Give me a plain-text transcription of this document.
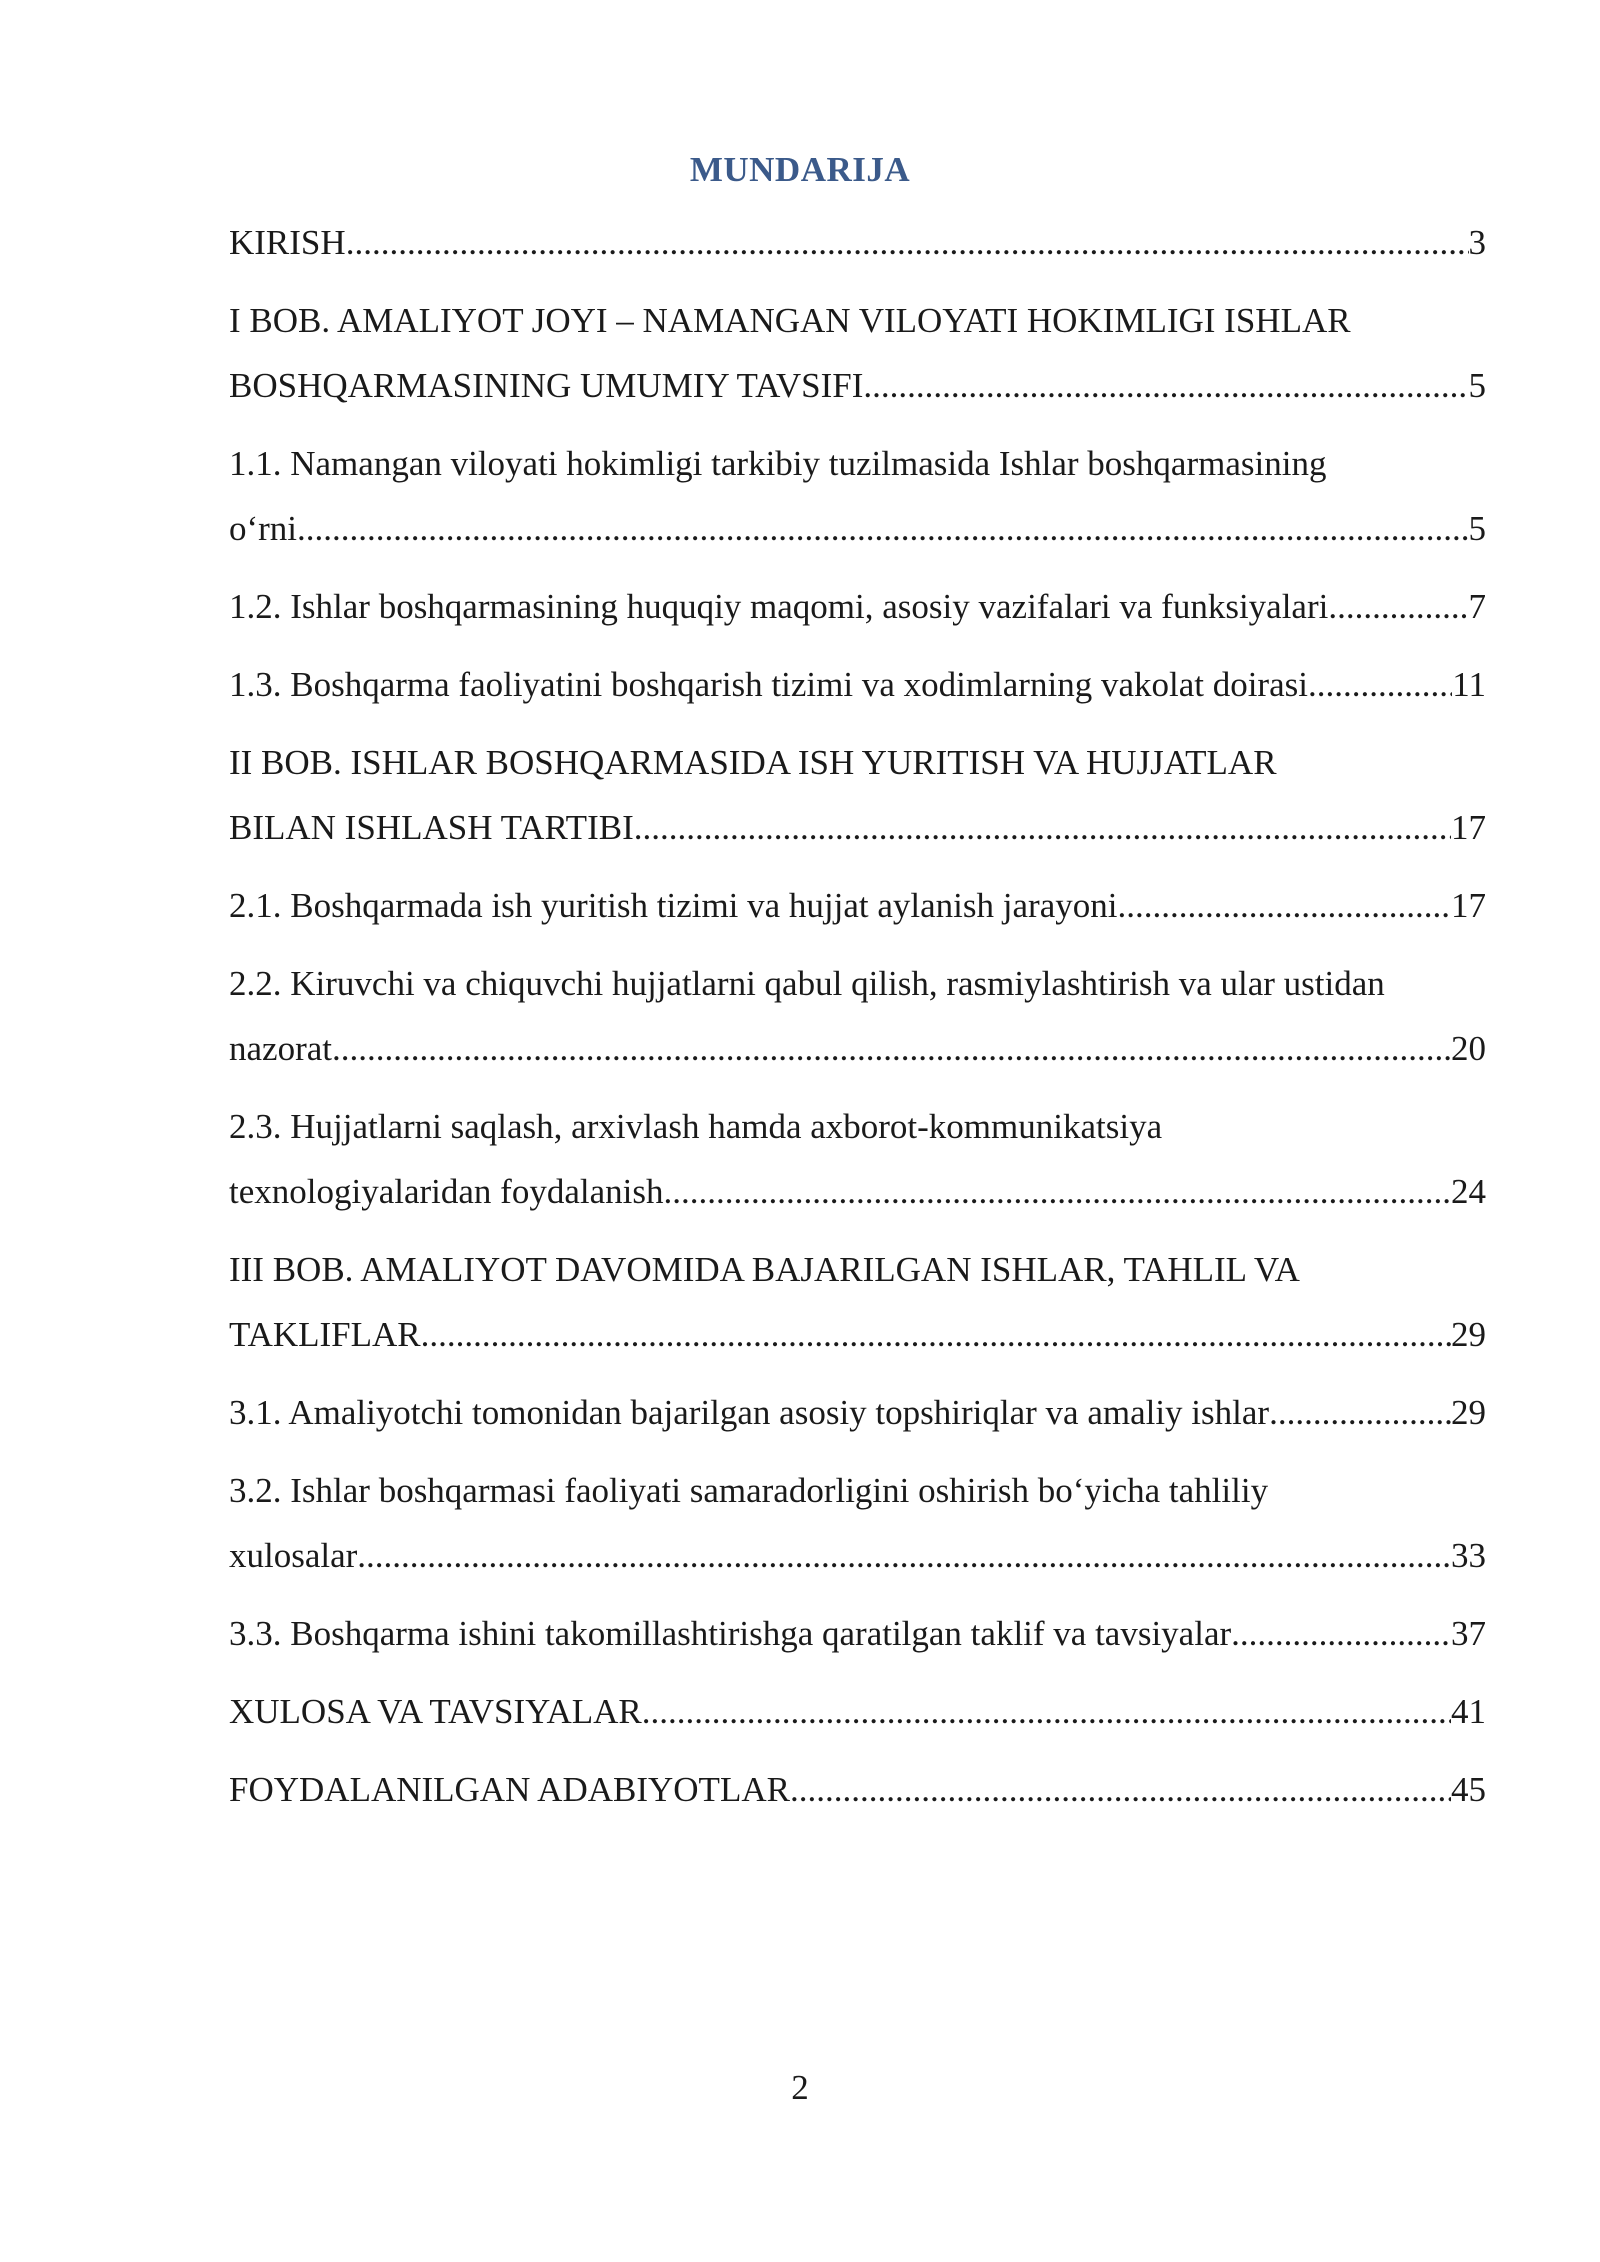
MUNDARIJA
KIRISH .....	3
I BOB. AMALIYOT JOYI – NAMANGAN VILOYATI HOKIMLIGI ISHLAR
BOSHQARMASINING UMUMIY TAVSIFI .....	5
1.1. Namangan viloyati hokimligi tarkibiy tuzilmasida Ishlar boshqarmasining
o‘rni .....	5
1.2. Ishlar boshqarmasining huquqiy maqomi, asosiy vazifalari va funksiyalari .....	7
1.3. Boshqarma faoliyatini boshqarish tizimi va xodimlarning vakolat doirasi .....	11
II BOB. ISHLAR BOSHQARMASIDA ISH YURITISH VA HUJJATLAR
BILAN ISHLASH TARTIBI .....	17
2.1. Boshqarmada ish yuritish tizimi va hujjat aylanish jarayoni .....	17
2.2. Kiruvchi va chiquvchi hujjatlarni qabul qilish, rasmiylashtirish va ular ustidan
nazorat .....	20
2.3. Hujjatlarni saqlash, arxivlash hamda axborot-kommunikatsiya
texnologiyalaridan foydalanish .....	24
III BOB. AMALIYOT DAVOMIDA BAJARILGAN ISHLAR, TAHLIL VA
TAKLIFLAR .....	29
3.1. Amaliyotchi tomonidan bajarilgan asosiy topshiriqlar va amaliy ishlar .....	29
3.2. Ishlar boshqarmasi faoliyati samaradorligini oshirish bo‘yicha tahliliy
xulosalar .....	33
3.3. Boshqarma ishini takomillashtirishga qaratilgan taklif va tavsiyalar .....	37
XULOSA VA TAVSIYALAR .....	41
FOYDALANILGAN ADABIYOTLAR .....	45
2
